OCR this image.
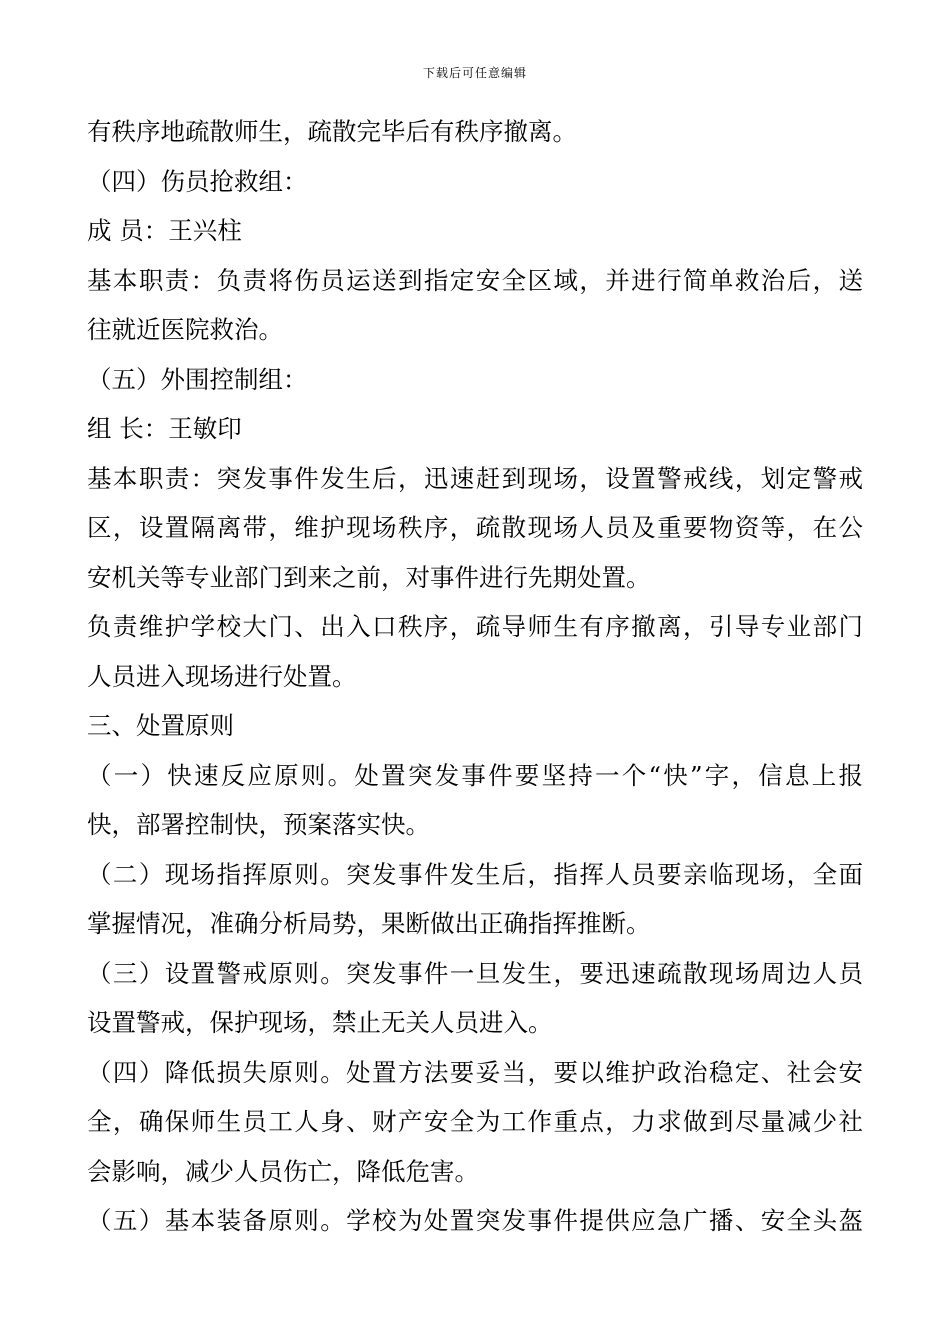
下载后可任意编辑

有秩序地疏散师生，疏散完毕后有秩序撤离。

（四）伤员抢救组：

成 员：王兴柱

基本职责：负责将伤员运送到指定安全区域，并进行简单救治后，送

往就近医院救治。

（五）外围控制组：

组 长：王敏印

基本职责：突发事件发生后，迅速赶到现场，设置警戒线，划定警戒

区，设置隔离带，维护现场秩序，疏散现场人员及重要物资等，在公

安机关等专业部门到来之前，对事件进行先期处置。

负责维护学校大门、出入口秩序，疏导师生有序撤离，引导专业部门

人员进入现场进行处置。

三、处置原则

（一）快速反应原则。处置突发事件要坚持一个“快”字，信息上报

快，部署控制快，预案落实快。

（二）现场指挥原则。突发事件发生后，指挥人员要亲临现场，全面

掌握情况，准确分析局势，果断做出正确指挥推断。

（三）设置警戒原则。突发事件一旦发生，要迅速疏散现场周边人员

设置警戒，保护现场，禁止无关人员进入。

（四）降低损失原则。处置方法要妥当，要以维护政治稳定、社会安

全，确保师生员工人身、财产安全为工作重点，力求做到尽量减少社

会影响，减少人员伤亡，降低危害。

（五）基本装备原则。学校为处置突发事件提供应急广播、安全头盔
